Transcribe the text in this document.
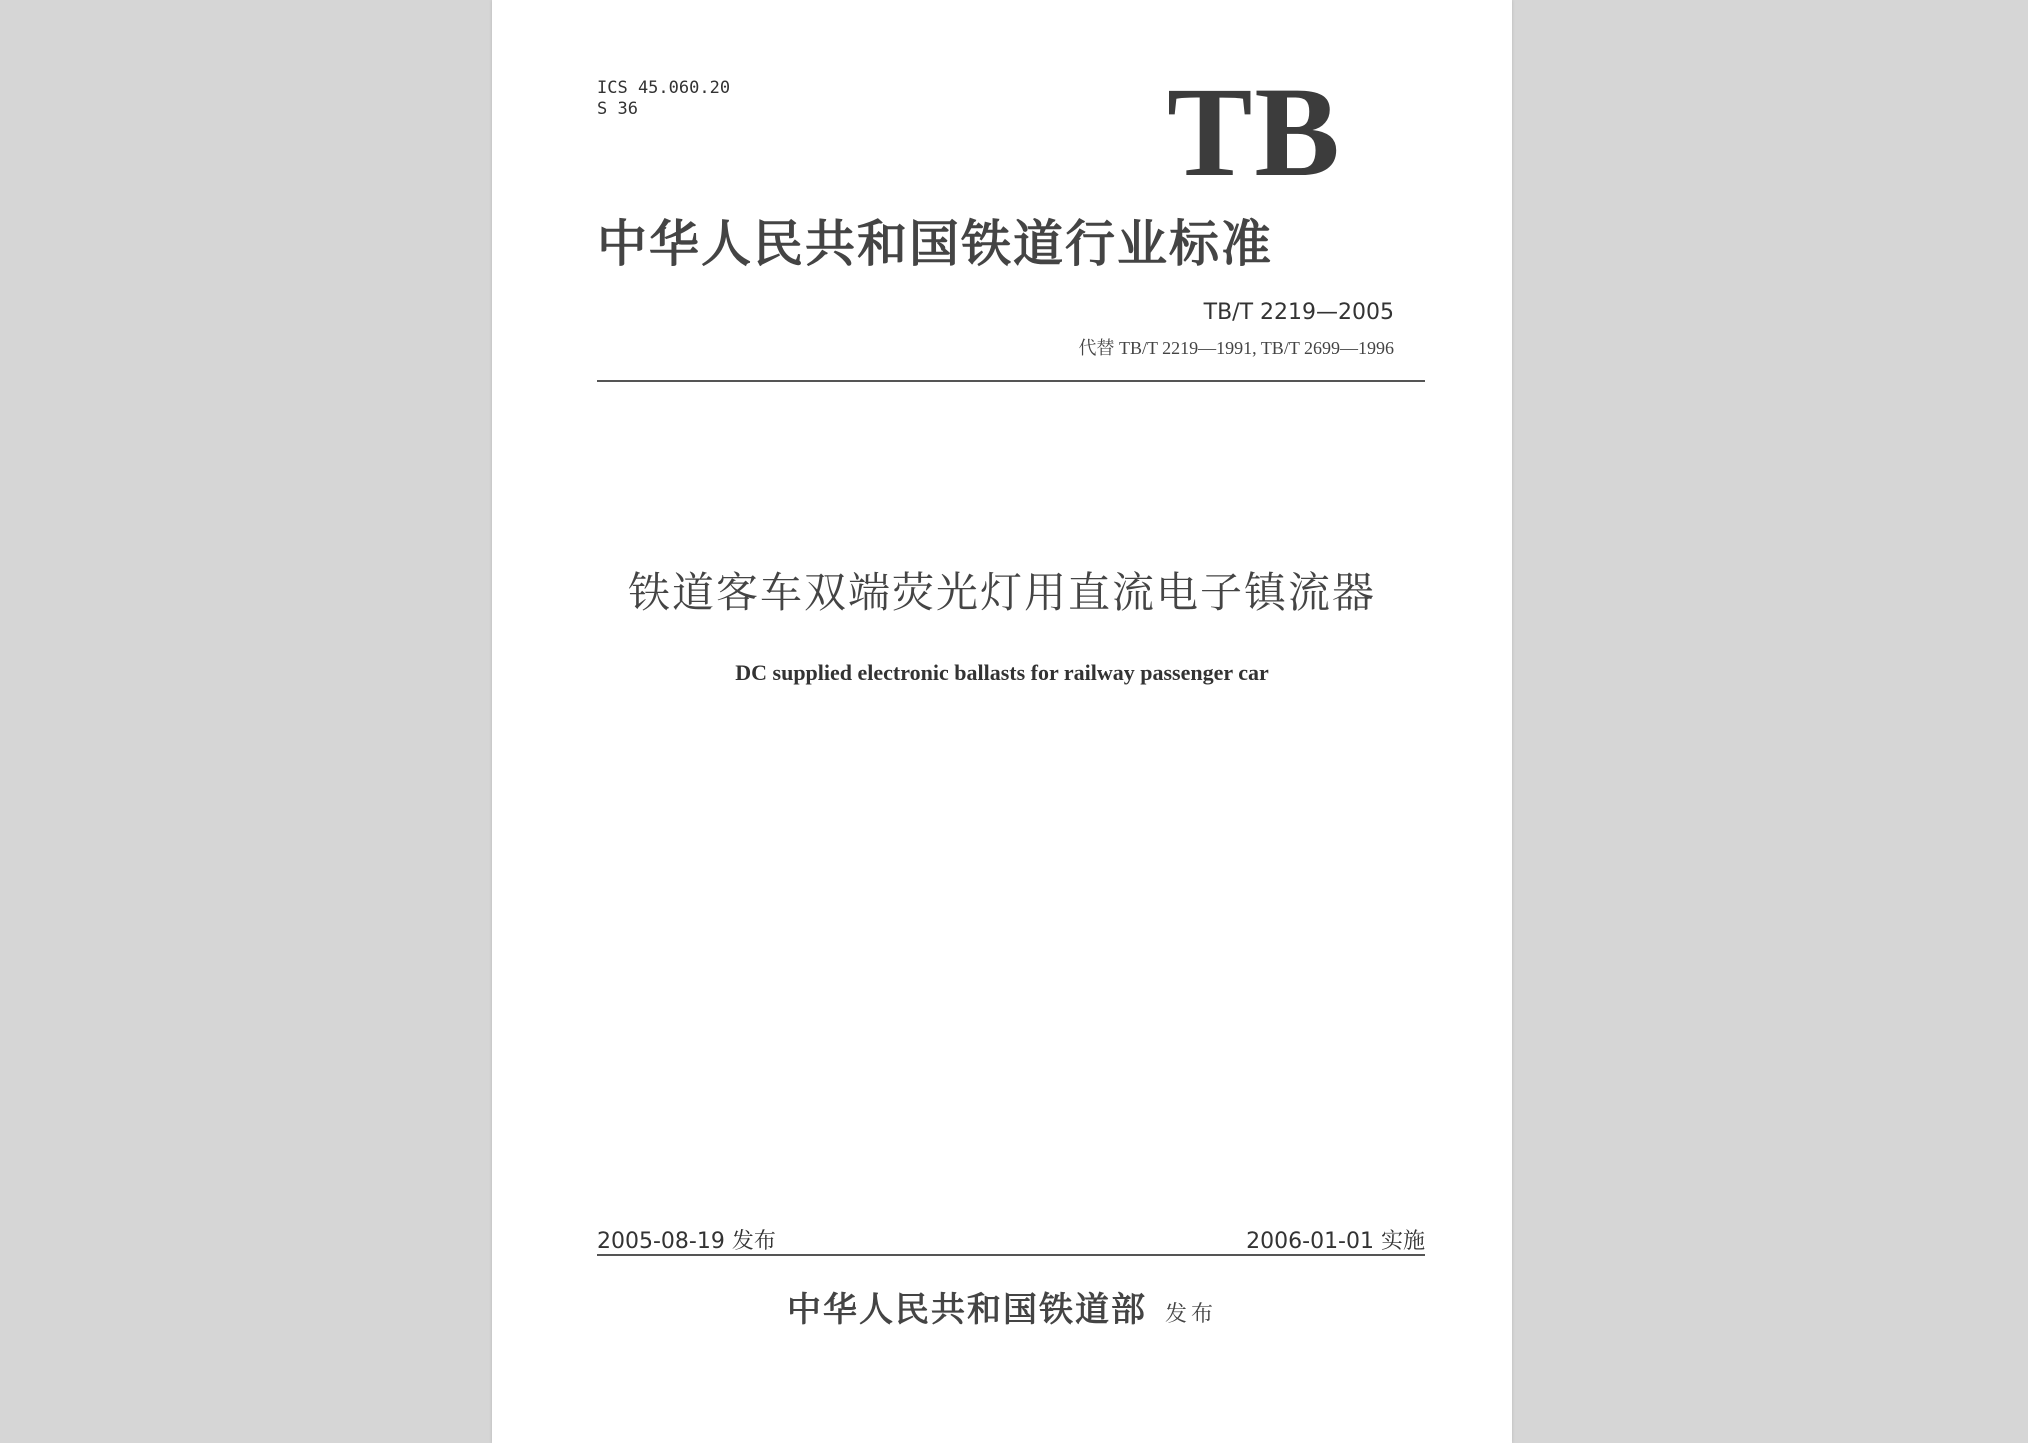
ICS 45.060.20
S 36	TB
中华人民共和国铁道行业标准
TB/T 2219—2005
代替 TB/T 2219—1991, TB/T 2699—1996
铁道客车双端荧光灯用直流电子镇流器
DC supplied electronic ballasts for railway passenger car
2005-08-19 发布	2006-01-01 实施
中华人民共和国铁道部 发布
